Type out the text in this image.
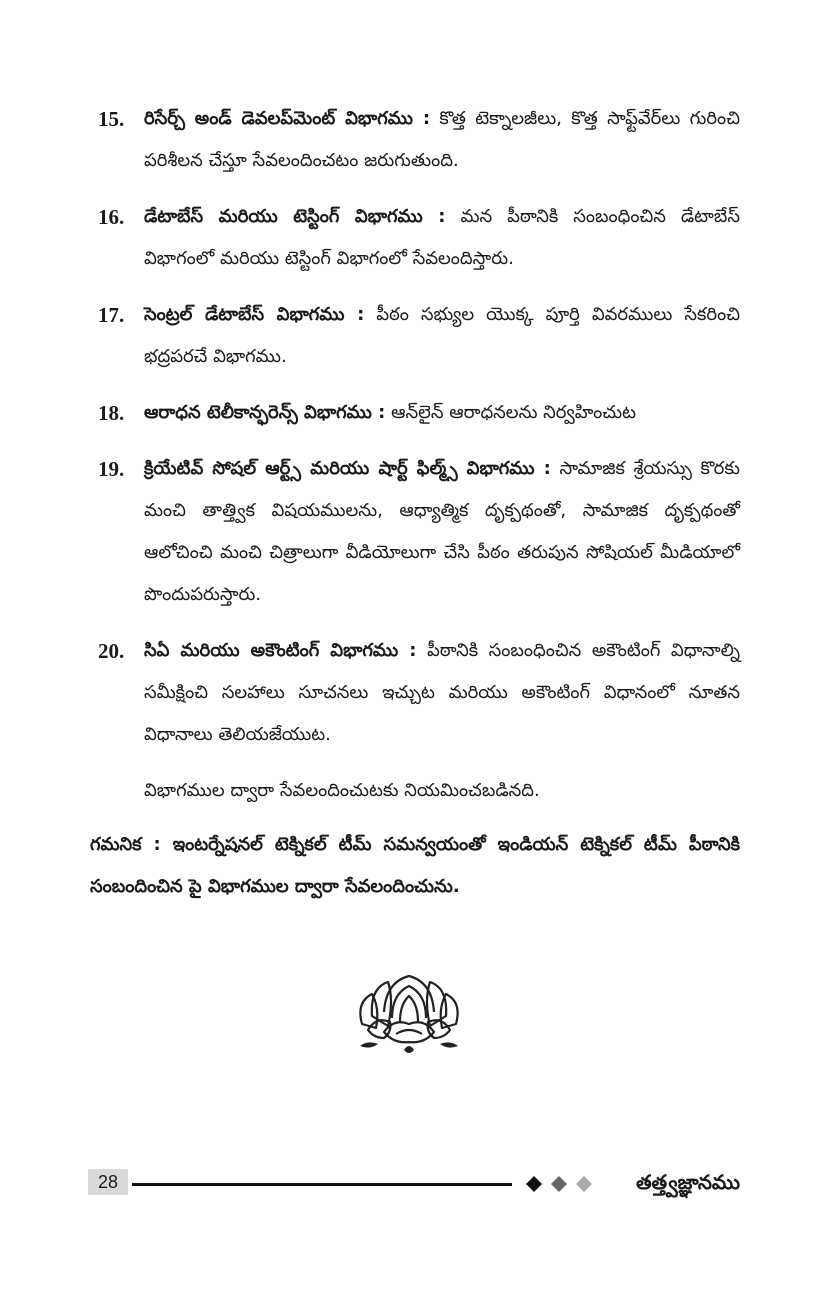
15.	రిసేర్చ్ అండ్ డెవలప్‌మెంట్ విభాగము : కొత్త టెక్నాలజీలు, కొత్త సాఫ్ట్‌వేర్‌లు గురించి పరిశీలన చేస్తూ సేవలందించటం జరుగుతుంది.
16.	డేటాబేస్ మరియు టెస్టింగ్ విభాగము : మన పీఠానికి సంబంధించిన డేటాబేస్ విభాగంలో మరియు టెస్టింగ్ విభాగంలో సేవలందిస్తారు.
17.	సెంట్రల్ డేటాబేస్ విభాగము : పీఠం సభ్యుల యొక్క పూర్తి వివరములు సేకరించి భద్రపరచే విభాగము.
18.	ఆరాధన టెలీకాన్ఫరెన్స్ విభాగము : ఆన్‌లైన్ ఆరాధనలను నిర్వహించుట
19.	క్రియేటివ్ సోషల్ ఆర్ట్స్ మరియు షార్ట్ ఫిల్మ్స్ విభాగము : సామాజిక శ్రేయస్సు కొరకు మంచి తాత్త్విక విషయములను, ఆధ్యాత్మిక దృక్పథంతో, సామాజిక దృక్పథంతో ఆలోచించి మంచి చిత్రాలుగా వీడియోలుగా చేసి పీఠం తరుపున సోషియల్ మీడియాలో పొందుపరుస్తారు.
20.	సిఏ మరియు అకౌంటింగ్ విభాగము : పీఠానికి సంబంధించిన అకౌంటింగ్ విధానాల్ని సమీక్షించి సలహాలు సూచనలు ఇచ్చుట మరియు అకౌంటింగ్ విధానంలో నూతన విధానాలు తెలియజేయుట.
విభాగముల ద్వారా సేవలందించుటకు నియమించబడినది.
గమనిక : ఇంటర్నేషనల్ టెక్నికల్ టీమ్ సమన్వయంతో ఇండియన్ టెక్నికల్ టీమ్ పీఠానికి సంబందించిన పై విభాగముల ద్వారా సేవలందించును.
28	తత్త్వజ్ఞానము
